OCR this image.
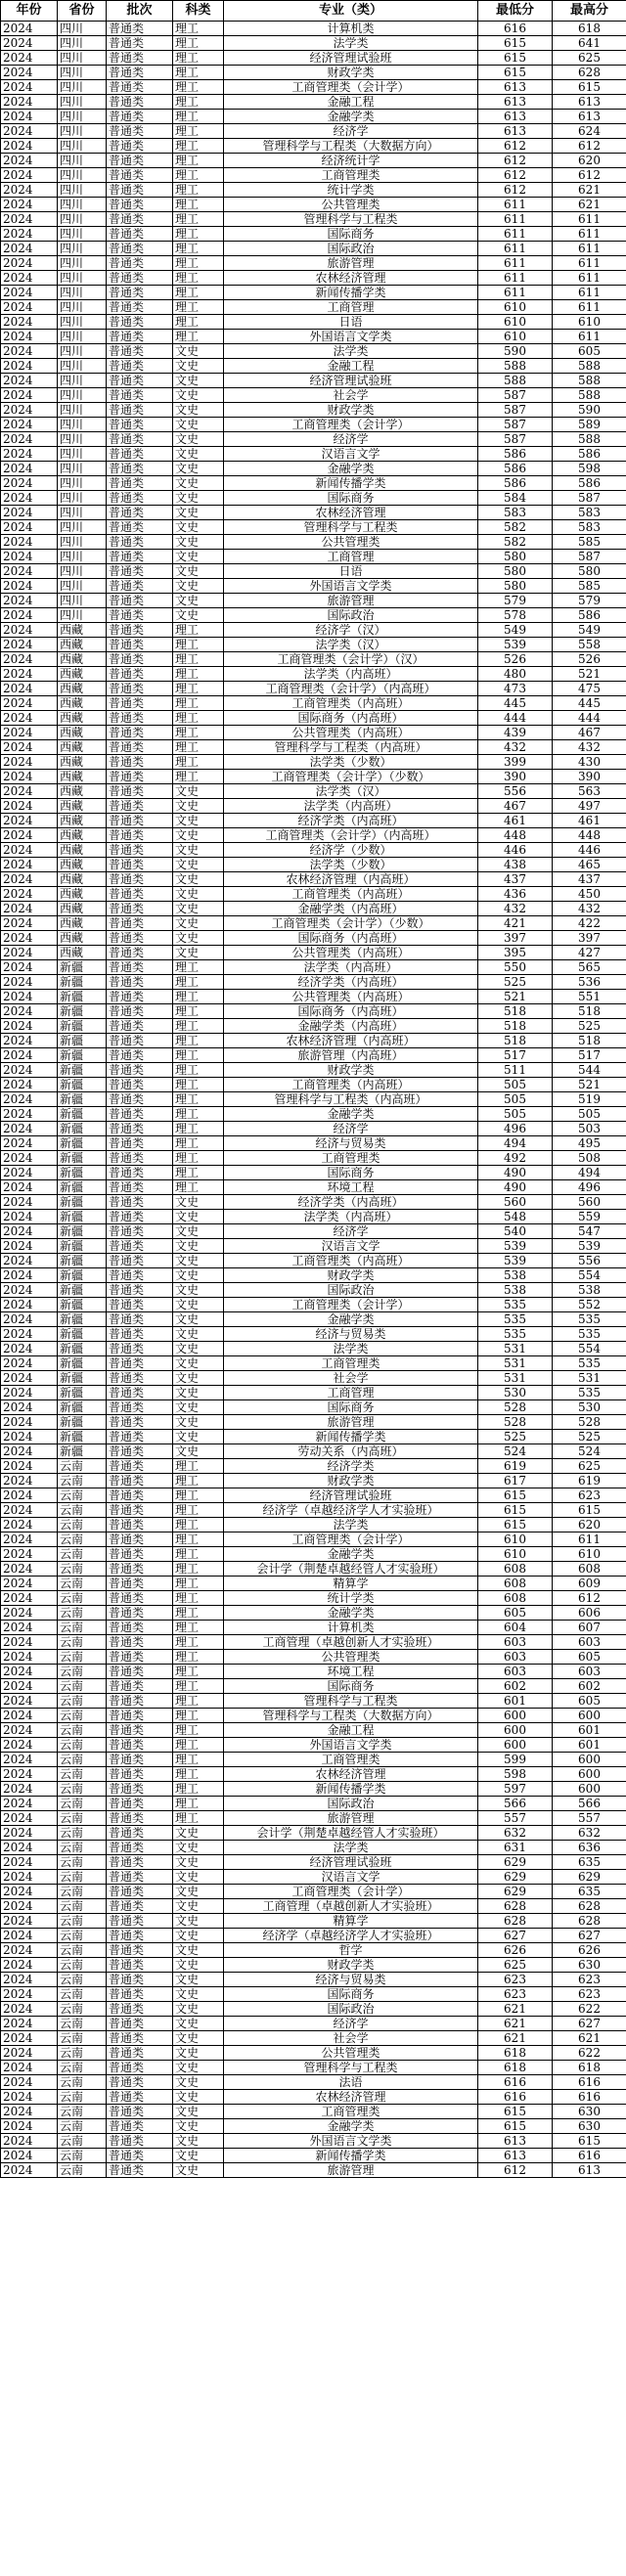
年份	省份	批次	科类	专业（类）	最低分	最高分
2024	四川	普通类	理工	计算机类	616	618
2024	四川	普通类	理工	法学类	615	641
2024	四川	普通类	理工	经济管理试验班	615	625
2024	四川	普通类	理工	财政学类	615	628
2024	四川	普通类	理工	工商管理类（会计学）	613	615
2024	四川	普通类	理工	金融工程	613	613
2024	四川	普通类	理工	金融学类	613	613
2024	四川	普通类	理工	经济学	613	624
2024	四川	普通类	理工	管理科学与工程类（大数据方向）	612	612
2024	四川	普通类	理工	经济统计学	612	620
2024	四川	普通类	理工	工商管理类	612	612
2024	四川	普通类	理工	统计学类	612	621
2024	四川	普通类	理工	公共管理类	611	621
2024	四川	普通类	理工	管理科学与工程类	611	611
2024	四川	普通类	理工	国际商务	611	611
2024	四川	普通类	理工	国际政治	611	611
2024	四川	普通类	理工	旅游管理	611	611
2024	四川	普通类	理工	农林经济管理	611	611
2024	四川	普通类	理工	新闻传播学类	611	611
2024	四川	普通类	理工	工商管理	610	611
2024	四川	普通类	理工	日语	610	610
2024	四川	普通类	理工	外国语言文学类	610	611
2024	四川	普通类	文史	法学类	590	605
2024	四川	普通类	文史	金融工程	588	588
2024	四川	普通类	文史	经济管理试验班	588	588
2024	四川	普通类	文史	社会学	587	588
2024	四川	普通类	文史	财政学类	587	590
2024	四川	普通类	文史	工商管理类（会计学）	587	589
2024	四川	普通类	文史	经济学	587	588
2024	四川	普通类	文史	汉语言文学	586	586
2024	四川	普通类	文史	金融学类	586	598
2024	四川	普通类	文史	新闻传播学类	586	586
2024	四川	普通类	文史	国际商务	584	587
2024	四川	普通类	文史	农林经济管理	583	583
2024	四川	普通类	文史	管理科学与工程类	582	583
2024	四川	普通类	文史	公共管理类	582	585
2024	四川	普通类	文史	工商管理	580	587
2024	四川	普通类	文史	日语	580	580
2024	四川	普通类	文史	外国语言文学类	580	585
2024	四川	普通类	文史	旅游管理	579	579
2024	四川	普通类	文史	国际政治	578	586
2024	西藏	普通类	理工	经济学（汉）	549	549
2024	西藏	普通类	理工	法学类（汉）	539	558
2024	西藏	普通类	理工	工商管理类（会计学）（汉）	526	526
2024	西藏	普通类	理工	法学类（内高班）	480	521
2024	西藏	普通类	理工	工商管理类（会计学）（内高班）	473	475
2024	西藏	普通类	理工	工商管理类（内高班）	445	445
2024	西藏	普通类	理工	国际商务（内高班）	444	444
2024	西藏	普通类	理工	公共管理类（内高班）	439	467
2024	西藏	普通类	理工	管理科学与工程类（内高班）	432	432
2024	西藏	普通类	理工	法学类（少数）	399	430
2024	西藏	普通类	理工	工商管理类（会计学）（少数）	390	390
2024	西藏	普通类	文史	法学类（汉）	556	563
2024	西藏	普通类	文史	法学类（内高班）	467	497
2024	西藏	普通类	文史	经济学类（内高班）	461	461
2024	西藏	普通类	文史	工商管理类（会计学）（内高班）	448	448
2024	西藏	普通类	文史	经济学（少数）	446	446
2024	西藏	普通类	文史	法学类（少数）	438	465
2024	西藏	普通类	文史	农林经济管理（内高班）	437	437
2024	西藏	普通类	文史	工商管理类（内高班）	436	450
2024	西藏	普通类	文史	金融学类（内高班）	432	432
2024	西藏	普通类	文史	工商管理类（会计学）（少数）	421	422
2024	西藏	普通类	文史	国际商务（内高班）	397	397
2024	西藏	普通类	文史	公共管理类（内高班）	395	427
2024	新疆	普通类	理工	法学类（内高班）	550	565
2024	新疆	普通类	理工	经济学类（内高班）	525	536
2024	新疆	普通类	理工	公共管理类（内高班）	521	551
2024	新疆	普通类	理工	国际商务（内高班）	518	518
2024	新疆	普通类	理工	金融学类（内高班）	518	525
2024	新疆	普通类	理工	农林经济管理（内高班）	518	518
2024	新疆	普通类	理工	旅游管理（内高班）	517	517
2024	新疆	普通类	理工	财政学类	511	544
2024	新疆	普通类	理工	工商管理类（内高班）	505	521
2024	新疆	普通类	理工	管理科学与工程类（内高班）	505	519
2024	新疆	普通类	理工	金融学类	505	505
2024	新疆	普通类	理工	经济学	496	503
2024	新疆	普通类	理工	经济与贸易类	494	495
2024	新疆	普通类	理工	工商管理类	492	508
2024	新疆	普通类	理工	国际商务	490	494
2024	新疆	普通类	理工	环境工程	490	496
2024	新疆	普通类	文史	经济学类（内高班）	560	560
2024	新疆	普通类	文史	法学类（内高班）	548	559
2024	新疆	普通类	文史	经济学	540	547
2024	新疆	普通类	文史	汉语言文学	539	539
2024	新疆	普通类	文史	工商管理类（内高班）	539	556
2024	新疆	普通类	文史	财政学类	538	554
2024	新疆	普通类	文史	国际政治	538	538
2024	新疆	普通类	文史	工商管理类（会计学）	535	552
2024	新疆	普通类	文史	金融学类	535	535
2024	新疆	普通类	文史	经济与贸易类	535	535
2024	新疆	普通类	文史	法学类	531	554
2024	新疆	普通类	文史	工商管理类	531	535
2024	新疆	普通类	文史	社会学	531	531
2024	新疆	普通类	文史	工商管理	530	535
2024	新疆	普通类	文史	国际商务	528	530
2024	新疆	普通类	文史	旅游管理	528	528
2024	新疆	普通类	文史	新闻传播学类	525	525
2024	新疆	普通类	文史	劳动关系（内高班）	524	524
2024	云南	普通类	理工	经济学类	619	625
2024	云南	普通类	理工	财政学类	617	619
2024	云南	普通类	理工	经济管理试验班	615	623
2024	云南	普通类	理工	经济学（卓越经济学人才实验班）	615	615
2024	云南	普通类	理工	法学类	615	620
2024	云南	普通类	理工	工商管理类（会计学）	610	611
2024	云南	普通类	理工	金融学类	610	610
2024	云南	普通类	理工	会计学（荆楚卓越经管人才实验班）	608	608
2024	云南	普通类	理工	精算学	608	609
2024	云南	普通类	理工	统计学类	608	612
2024	云南	普通类	理工	金融学类	605	606
2024	云南	普通类	理工	计算机类	604	607
2024	云南	普通类	理工	工商管理（卓越创新人才实验班）	603	603
2024	云南	普通类	理工	公共管理类	603	605
2024	云南	普通类	理工	环境工程	603	603
2024	云南	普通类	理工	国际商务	602	602
2024	云南	普通类	理工	管理科学与工程类	601	605
2024	云南	普通类	理工	管理科学与工程类（大数据方向）	600	600
2024	云南	普通类	理工	金融工程	600	601
2024	云南	普通类	理工	外国语言文学类	600	601
2024	云南	普通类	理工	工商管理类	599	600
2024	云南	普通类	理工	农林经济管理	598	600
2024	云南	普通类	理工	新闻传播学类	597	600
2024	云南	普通类	理工	国际政治	566	566
2024	云南	普通类	理工	旅游管理	557	557
2024	云南	普通类	文史	会计学（荆楚卓越经管人才实验班）	632	632
2024	云南	普通类	文史	法学类	631	636
2024	云南	普通类	文史	经济管理试验班	629	635
2024	云南	普通类	文史	汉语言文学	629	629
2024	云南	普通类	文史	工商管理类（会计学）	629	635
2024	云南	普通类	文史	工商管理（卓越创新人才实验班）	628	628
2024	云南	普通类	文史	精算学	628	628
2024	云南	普通类	文史	经济学（卓越经济学人才实验班）	627	627
2024	云南	普通类	文史	哲学	626	626
2024	云南	普通类	文史	财政学类	625	630
2024	云南	普通类	文史	经济与贸易类	623	623
2024	云南	普通类	文史	国际商务	623	623
2024	云南	普通类	文史	国际政治	621	622
2024	云南	普通类	文史	经济学	621	627
2024	云南	普通类	文史	社会学	621	621
2024	云南	普通类	文史	公共管理类	618	622
2024	云南	普通类	文史	管理科学与工程类	618	618
2024	云南	普通类	文史	法语	616	616
2024	云南	普通类	文史	农林经济管理	616	616
2024	云南	普通类	文史	工商管理类	615	630
2024	云南	普通类	文史	金融学类	615	630
2024	云南	普通类	文史	外国语言文学类	613	615
2024	云南	普通类	文史	新闻传播学类	613	616
2024	云南	普通类	文史	旅游管理	612	613
